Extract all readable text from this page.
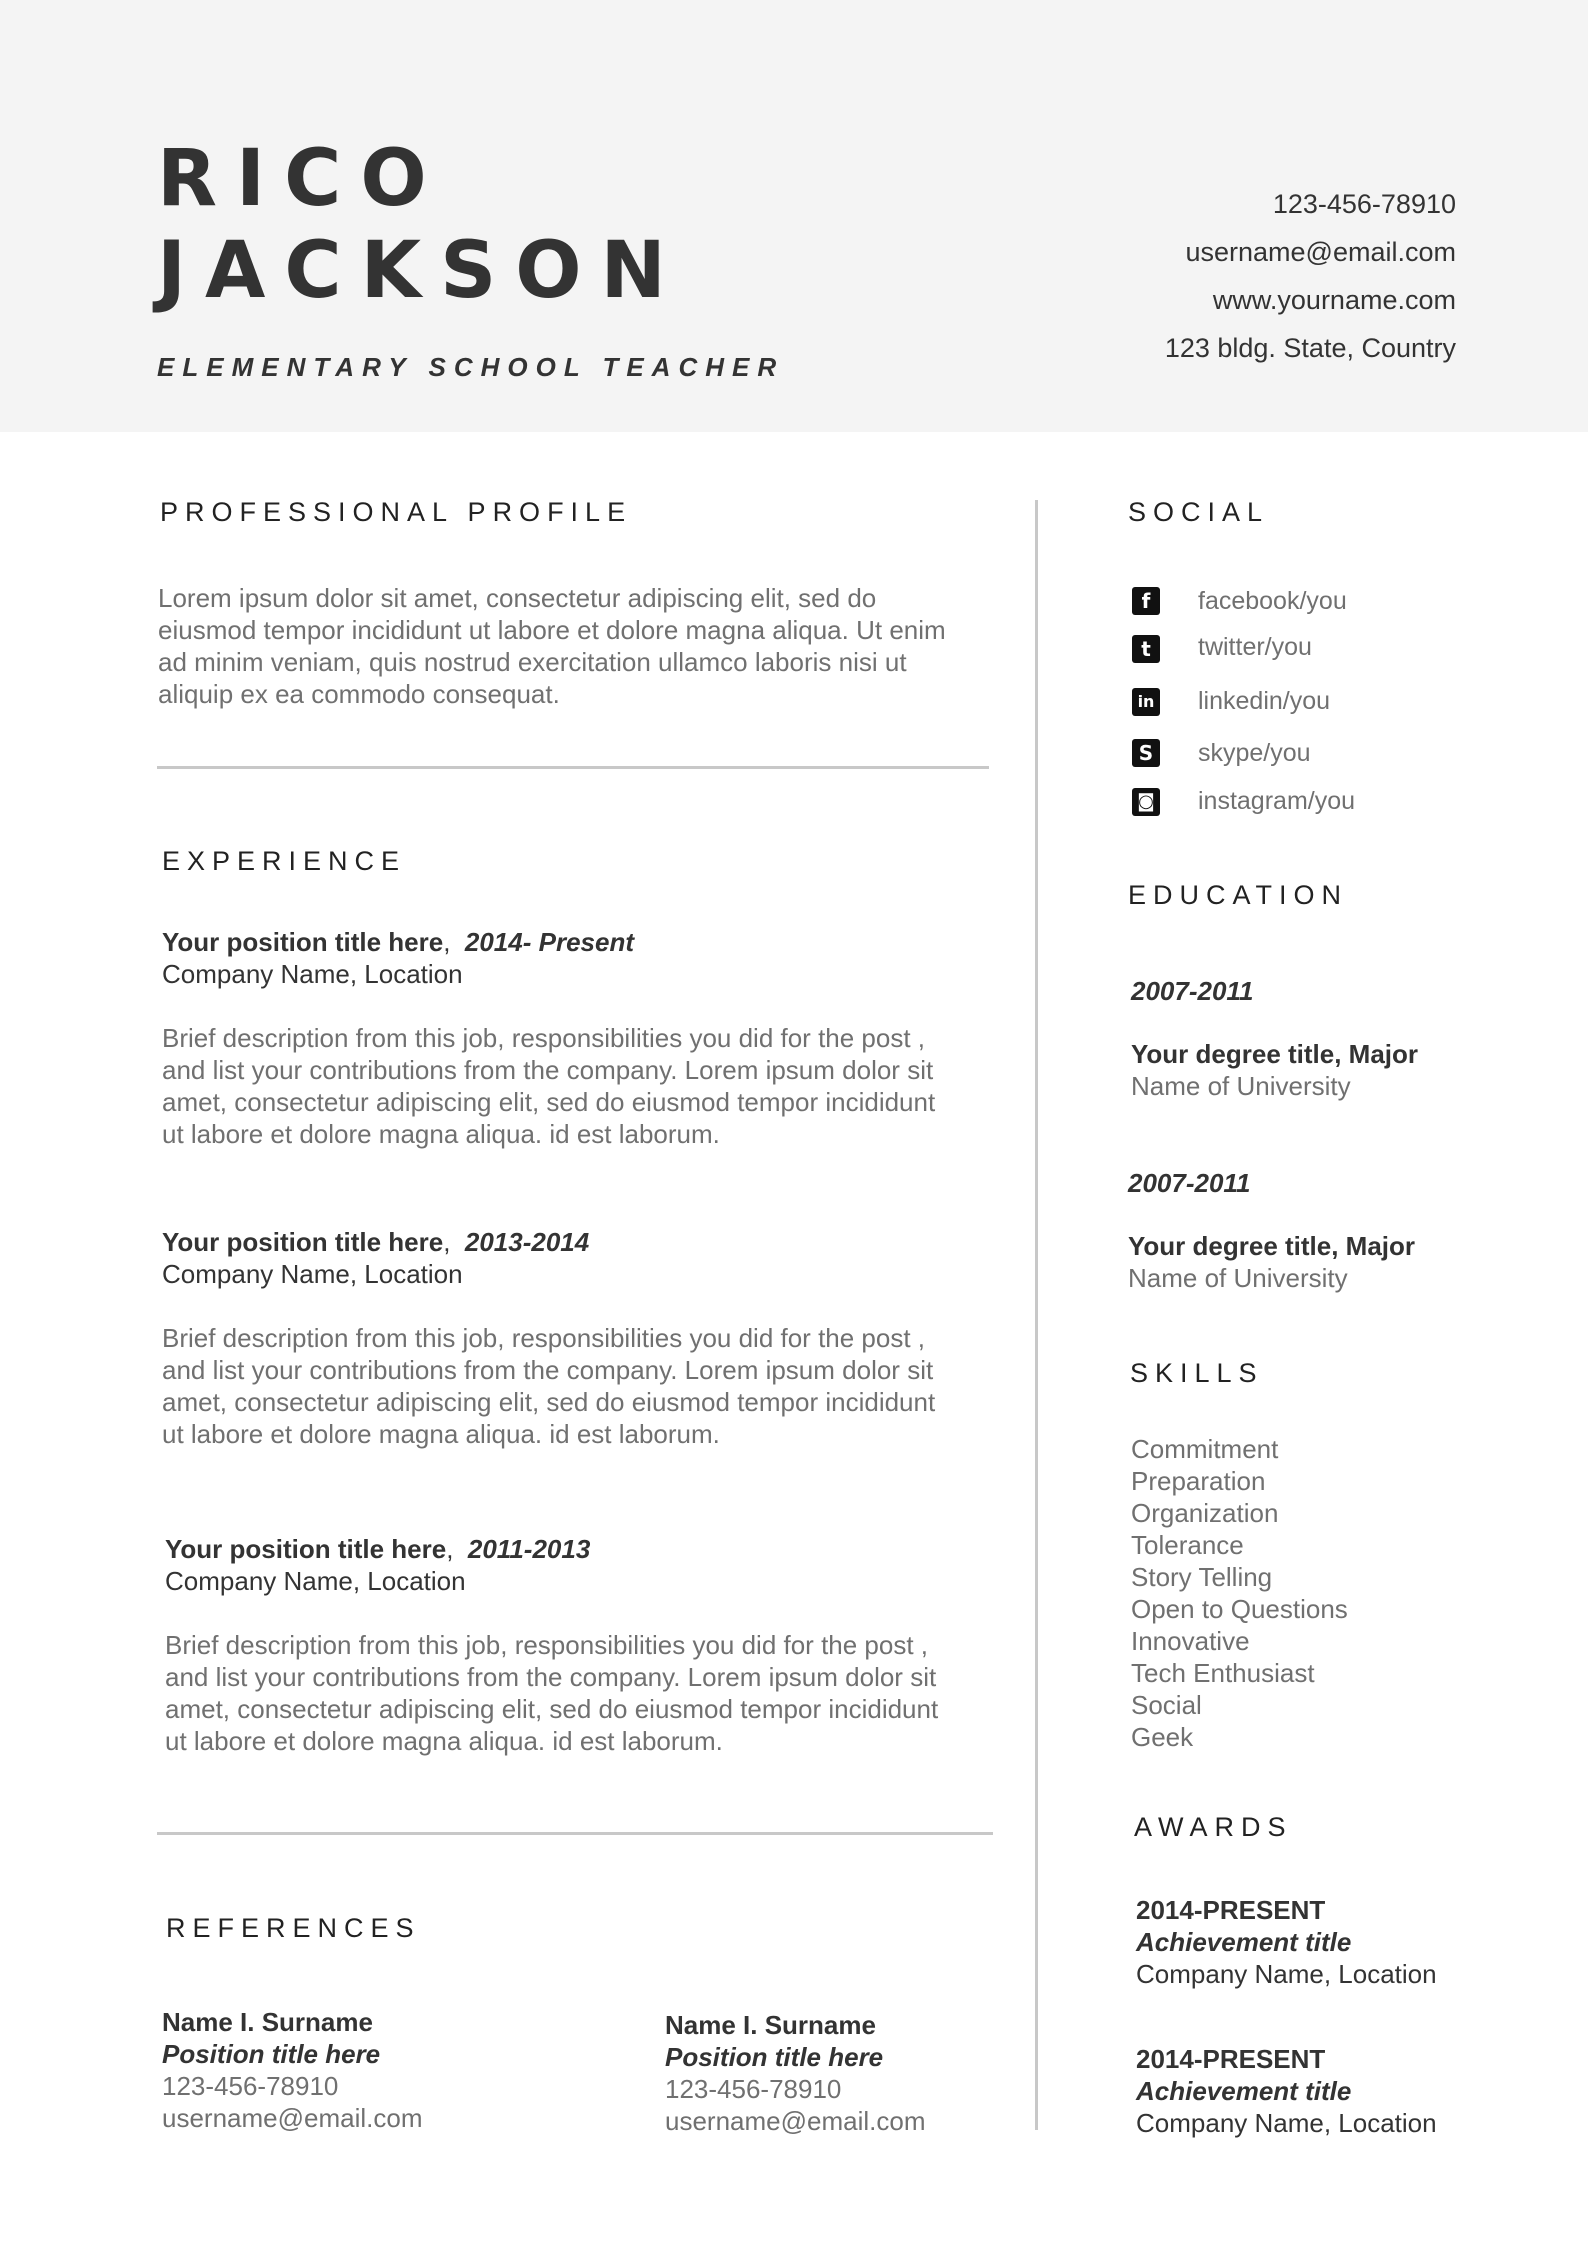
RICO
JACKSON
ELEMENTARY SCHOOL TEACHER
123-456-78910
username@email.com
www.yourname.com
123 bldg. State, Country
PROFESSIONAL PROFILE
Lorem ipsum dolor sit amet, consectetur adipiscing elit, sed do
eiusmod tempor incididunt ut labore et dolore magna aliqua. Ut enim
ad minim veniam, quis nostrud exercitation ullamco laboris nisi ut
aliquip ex ea commodo consequat.
EXPERIENCE
Your position title here, 2014- Present
Company Name, Location
Brief description from this job, responsibilities you did for the post ,
and list your contributions from the company. Lorem ipsum dolor sit
amet, consectetur adipiscing elit, sed do eiusmod tempor incididunt
ut labore et dolore magna aliqua. id est laborum.
Your position title here, 2013-2014
Company Name, Location
Brief description from this job, responsibilities you did for the post ,
and list your contributions from the company. Lorem ipsum dolor sit
amet, consectetur adipiscing elit, sed do eiusmod tempor incididunt
ut labore et dolore magna aliqua. id est laborum.
Your position title here, 2011-2013
Company Name, Location
Brief description from this job, responsibilities you did for the post ,
and list your contributions from the company. Lorem ipsum dolor sit
amet, consectetur adipiscing elit, sed do eiusmod tempor incididunt
ut labore et dolore magna aliqua. id est laborum.
REFERENCES
Name I. Surname
Position title here
123-456-78910
username@email.com
Name I. Surname
Position title here
123-456-78910
username@email.com
SOCIAL
f	facebook/you
t	twitter/you
in linkedin/you
S skype/you
◙ instagram/you
EDUCATION
2007-2011
Your degree title, Major
Name of University
2007-2011
Your degree title, Major
Name of University
SKILLS
Commitment
Preparation
Organization
Tolerance
Story Telling
Open to Questions
Innovative
Tech Enthusiast
Social
Geek
AWARDS
2014-PRESENT
Achievement title
Company Name, Location
2014-PRESENT
Achievement title
Company Name, Location
